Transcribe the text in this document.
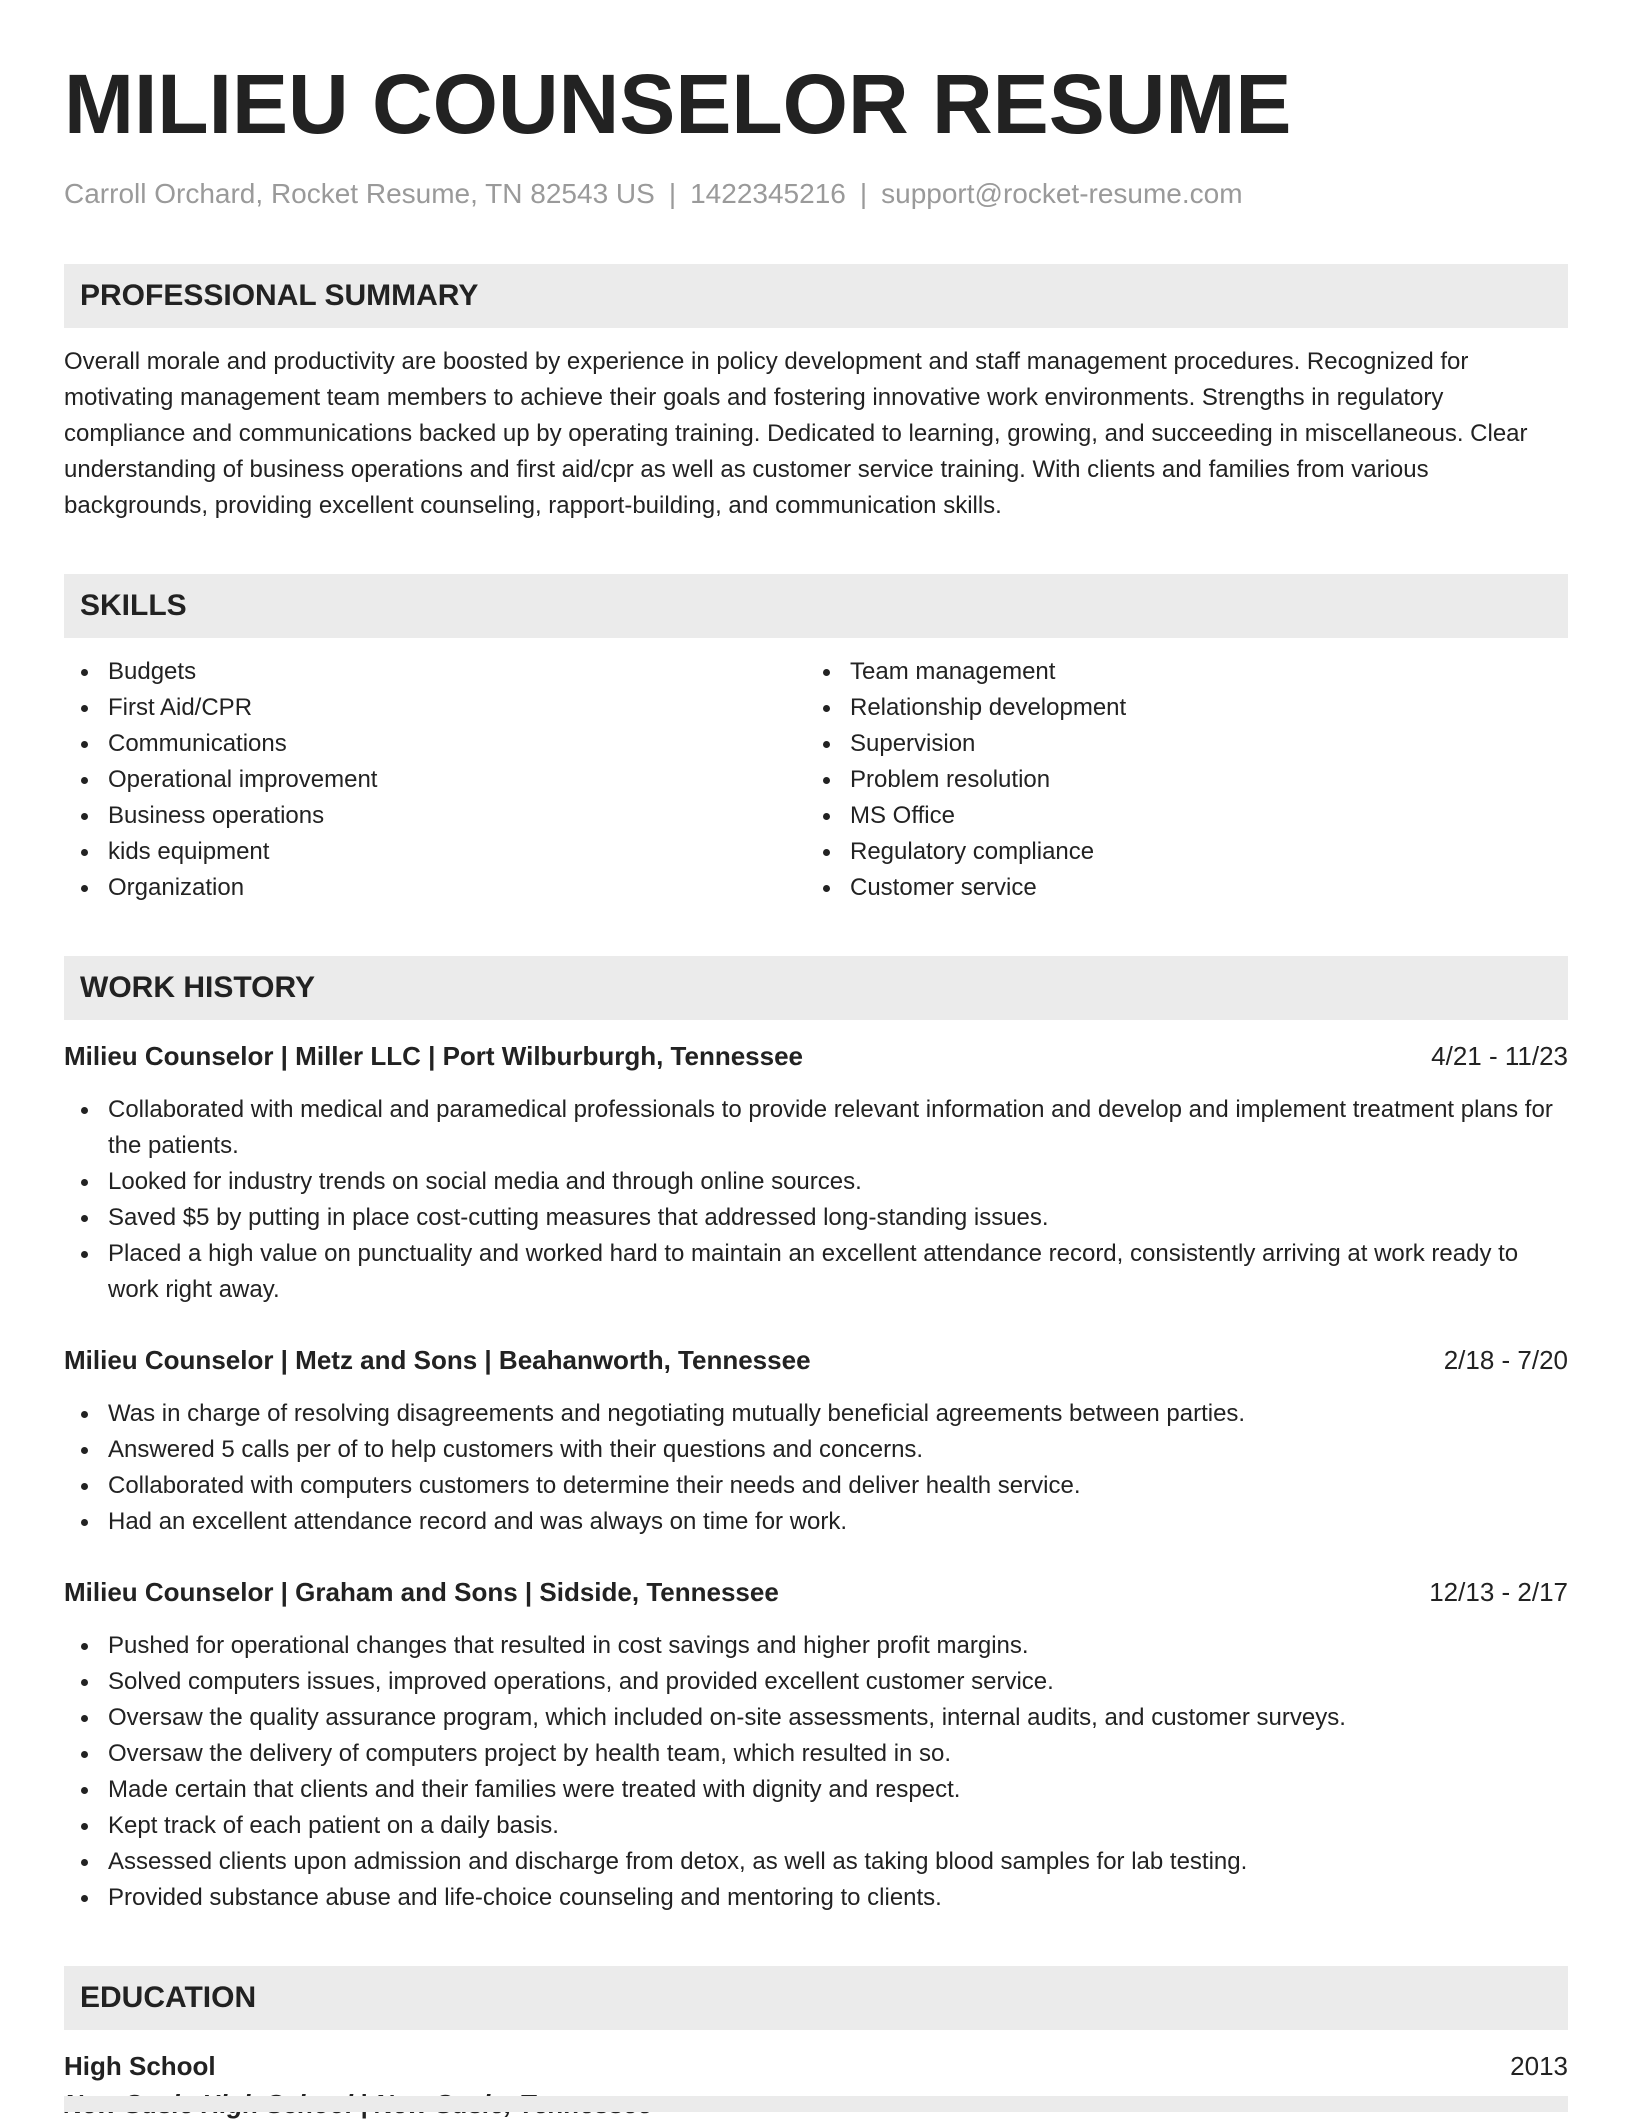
MILIEU COUNSELOR RESUME
Carroll Orchard, Rocket Resume, TN 82543 US | 1422345216 | support@rocket-resume.com
PROFESSIONAL SUMMARY
Overall morale and productivity are boosted by experience in policy development and staff management procedures. Recognized for motivating management team members to achieve their goals and fostering innovative work environments. Strengths in regulatory compliance and communications backed up by operating training. Dedicated to learning, growing, and succeeding in miscellaneous. Clear understanding of business operations and first aid/cpr as well as customer service training. With clients and families from various backgrounds, providing excellent counseling, rapport-building, and communication skills.
SKILLS
Budgets
First Aid/CPR
Communications
Operational improvement
Business operations
kids equipment
Organization
Team management
Relationship development
Supervision
Problem resolution
MS Office
Regulatory compliance
Customer service
WORK HISTORY
Milieu Counselor | Miller LLC | Port Wilburburgh, Tennessee	4/21 - 11/23
Collaborated with medical and paramedical professionals to provide relevant information and develop and implement treatment plans for the patients.
Looked for industry trends on social media and through online sources.
Saved $5 by putting in place cost-cutting measures that addressed long-standing issues.
Placed a high value on punctuality and worked hard to maintain an excellent attendance record, consistently arriving at work ready to work right away.
Milieu Counselor | Metz and Sons | Beahanworth, Tennessee	2/18 - 7/20
Was in charge of resolving disagreements and negotiating mutually beneficial agreements between parties.
Answered 5 calls per of to help customers with their questions and concerns.
Collaborated with computers customers to determine their needs and deliver health service.
Had an excellent attendance record and was always on time for work.
Milieu Counselor | Graham and Sons | Sidside, Tennessee	12/13 - 2/17
Pushed for operational changes that resulted in cost savings and higher profit margins.
Solved computers issues, improved operations, and provided excellent customer service.
Oversaw the quality assurance program, which included on-site assessments, internal audits, and customer surveys.
Oversaw the delivery of computers project by health team, which resulted in so.
Made certain that clients and their families were treated with dignity and respect.
Kept track of each patient on a daily basis.
Assessed clients upon admission and discharge from detox, as well as taking blood samples for lab testing.
Provided substance abuse and life-choice counseling and mentoring to clients.
EDUCATION
High School	2013
